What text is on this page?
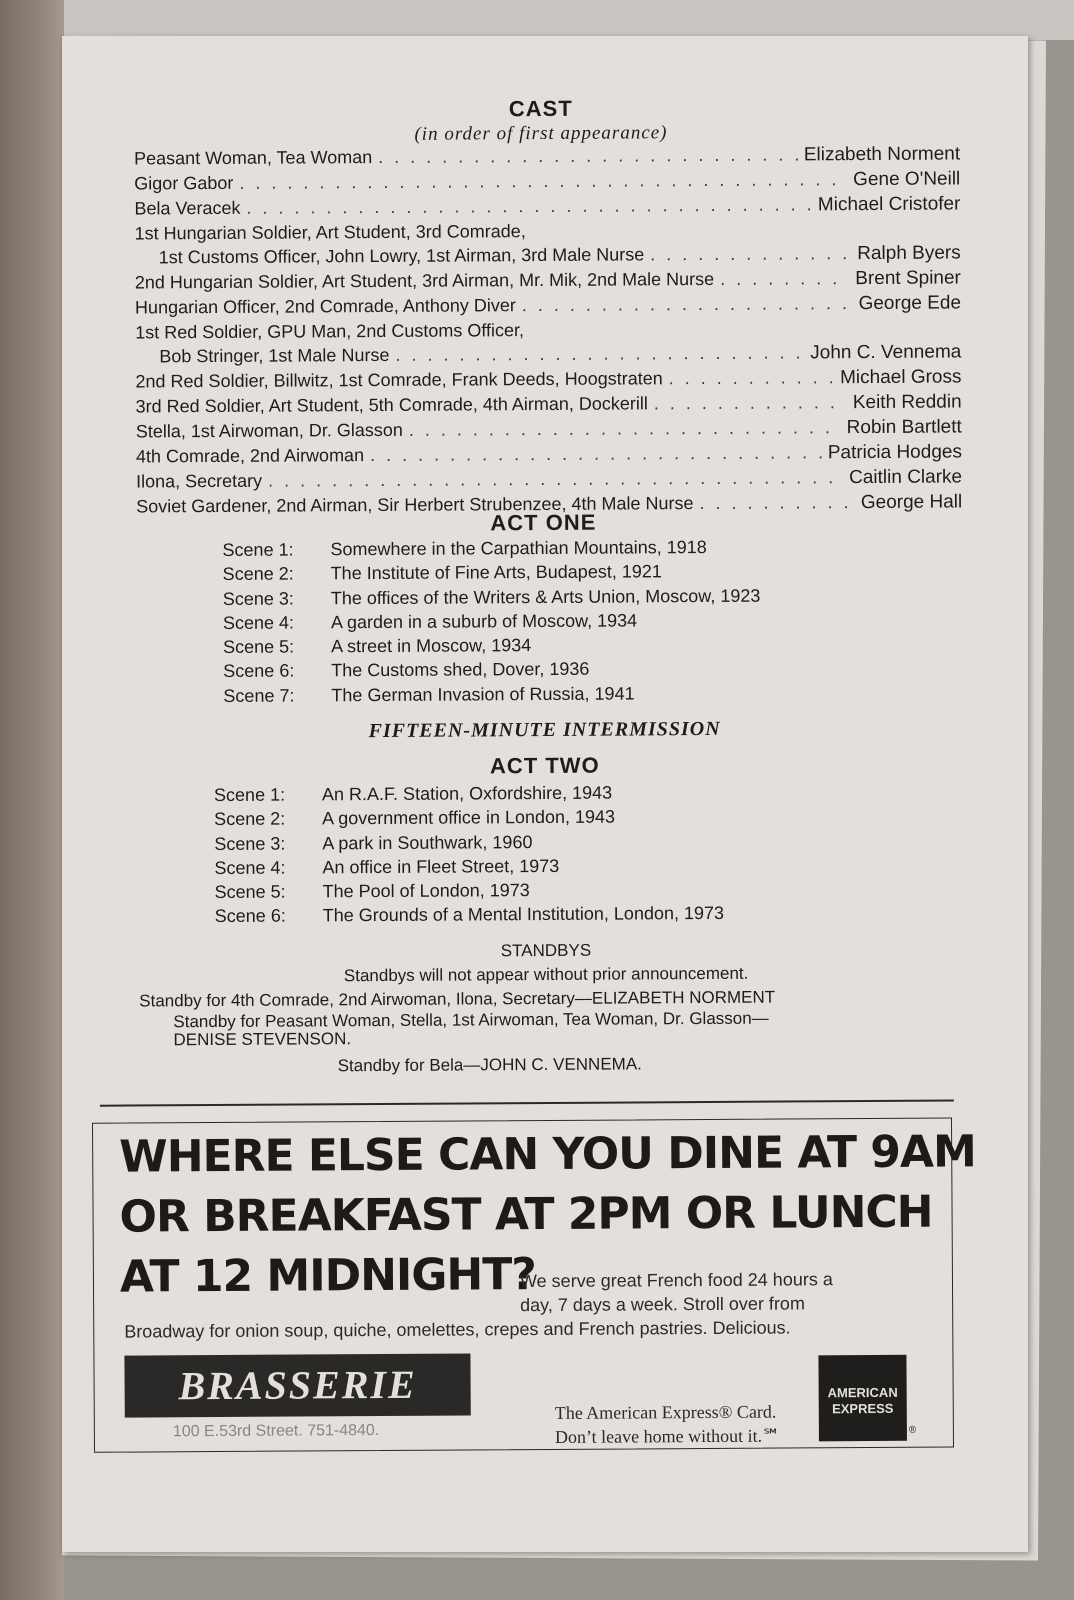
CAST
(in order of first appearance)
Peasant Woman, Tea Woman . . .	Elizabeth Norment
Gigor Gabor . . .	Gene O'Neill
Bela Veracek . . .	Michael Cristofer
1st Hungarian Soldier, Art Student, 3rd Comrade,
1st Customs Officer, John Lowry, 1st Airman, 3rd Male Nurse . . .	Ralph Byers
2nd Hungarian Soldier, Art Student, 3rd Airman, Mr. Mik, 2nd Male Nurse . . .	Brent Spiner
Hungarian Officer, 2nd Comrade, Anthony Diver . . .	George Ede
1st Red Soldier, GPU Man, 2nd Customs Officer,
Bob Stringer, 1st Male Nurse . . .	John C. Vennema
2nd Red Soldier, Billwitz, 1st Comrade, Frank Deeds, Hoogstraten . . .	Michael Gross
3rd Red Soldier, Art Student, 5th Comrade, 4th Airman, Dockerill . . .	Keith Reddin
Stella, 1st Airwoman, Dr. Glasson . . .	Robin Bartlett
4th Comrade, 2nd Airwoman . . .	Patricia Hodges
Ilona, Secretary . . .	Caitlin Clarke
Soviet Gardener, 2nd Airman, Sir Herbert Strubenzee, 4th Male Nurse . . .	George Hall
ACT ONE
Scene 1:	Somewhere in the Carpathian Mountains, 1918
Scene 2:	The Institute of Fine Arts, Budapest, 1921
Scene 3:	The offices of the Writers & Arts Union, Moscow, 1923
Scene 4:	A garden in a suburb of Moscow, 1934
Scene 5:	A street in Moscow, 1934
Scene 6:	The Customs shed, Dover, 1936
Scene 7:	The German Invasion of Russia, 1941
FIFTEEN-MINUTE INTERMISSION
ACT TWO
Scene 1:	An R.A.F. Station, Oxfordshire, 1943
Scene 2:	A government office in London, 1943
Scene 3:	A park in Southwark, 1960
Scene 4:	An office in Fleet Street, 1973
Scene 5:	The Pool of London, 1973
Scene 6:	The Grounds of a Mental Institution, London, 1973
STANDBYS
Standbys will not appear without prior announcement.
Standby for 4th Comrade, 2nd Airwoman, Ilona, Secretary—ELIZABETH NORMENT
Standby for Peasant Woman, Stella, 1st Airwoman, Tea Woman, Dr. Glasson—
DENISE STEVENSON.
Standby for Bela—JOHN C. VENNEMA.
WHERE ELSE CAN YOU DINE AT 9AM
OR BREAKFAST AT 2PM OR LUNCH
AT 12 MIDNIGHT?
We serve great French food 24 hours a
day, 7 days a week. Stroll over from
Broadway for onion soup, quiche, omelettes, crepes and French pastries. Delicious.
BRASSERIE
100 E.53rd Street. 751-4840.
The American Express® Card.
Don’t leave home without it.℠
AMERICAN
EXPRESS
®
